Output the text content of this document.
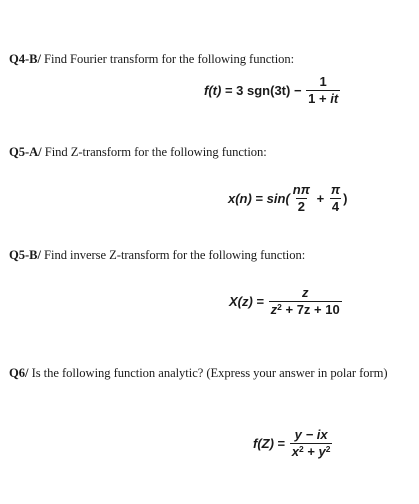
Q4-B/ Find Fourier transform for the following function:
f(t) = 3 $sgn(3t) - \frac{1}{1 + it}$
Q5-A/ Find Z-transform for the following function:
$x(n) = \sin( \frac{n\pi}{2} + \frac{\pi}{4}$ )
Q5-B/ Find inverse Z-transform for the following function:
$X(z) = \frac{z}{z^2 + 7z + 10}$
Q6/ Is the following function analytic? (Express your answer in polar form)
$f(Z) = \frac{y - ix}{x^2 + y^2}$
